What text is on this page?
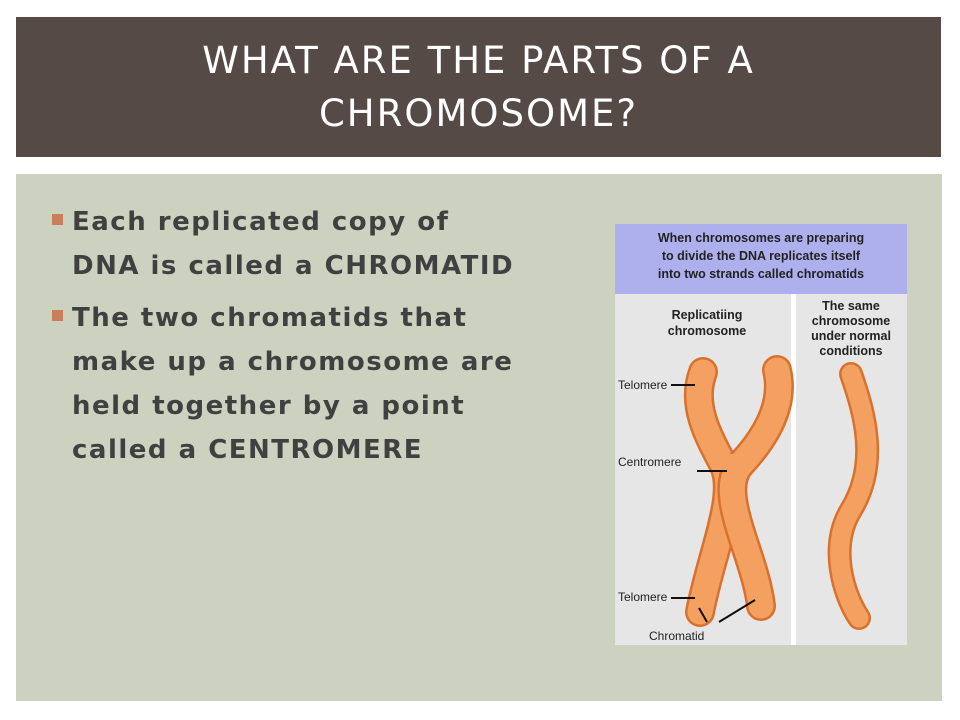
WHAT ARE THE PARTS OF A CHROMOSOME?
Each replicated copy of DNA is called a CHROMATID
The two chromatids that make up a chromosome are held together by a point called a CENTROMERE
When chromosomes are preparing
to divide the DNA replicates itself
into two strands called chromatids
Replicatiing
chromosome
The same
chromosome
under normal
conditions
Telomere
Centromere
Telomere
Chromatid
